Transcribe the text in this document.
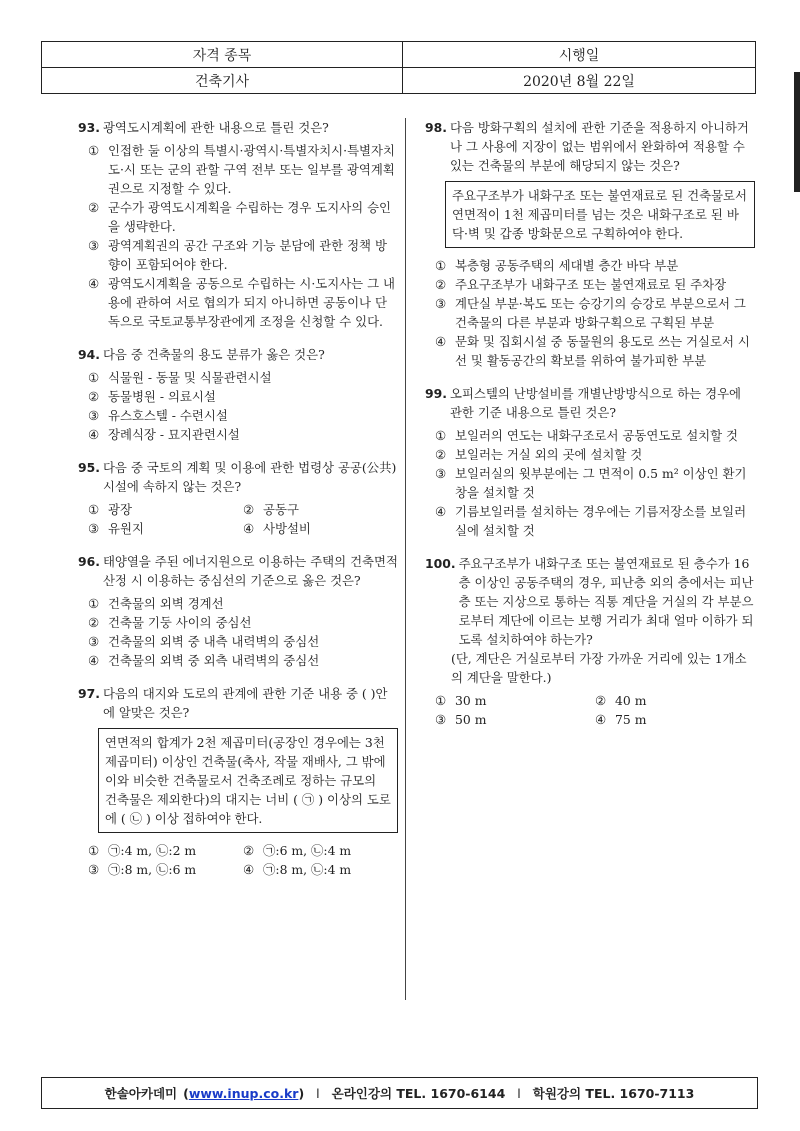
자격 종목	시행일
건축기사	2020년 8월 22일
93. 광역도시계획에 관한 내용으로 틀린 것은?
① 인접한 둘 이상의 특별시·광역시·특별자치시·특별자치도·시 또는 군의 관할 구역 전부 또는 일부를 광역계획권으로 지정할 수 있다.
② 군수가 광역도시계획을 수립하는 경우 도지사의 승인을 생략한다.
③ 광역계획권의 공간 구조와 기능 분담에 관한 정책 방향이 포함되어야 한다.
④ 광역도시계획을 공동으로 수립하는 시·도지사는 그 내용에 관하여 서로 협의가 되지 아니하면 공동이나 단독으로 국토교통부장관에게 조정을 신청할 수 있다.
94. 다음 중 건축물의 용도 분류가 옳은 것은?
① 식물원 - 동물 및 식물관련시설
② 동물병원 - 의료시설
③ 유스호스텔 - 수련시설
④ 장례식장 - 묘지관련시설
95. 다음 중 국토의 계획 및 이용에 관한 법령상 공공(公共)시설에 속하지 않는 것은?
① 광장	② 공동구
③ 유원지	④ 사방설비
96. 태양열을 주된 에너지원으로 이용하는 주택의 건축면적 산정 시 이용하는 중심선의 기준으로 옳은 것은?
① 건축물의 외벽 경계선
② 건축물 기둥 사이의 중심선
③ 건축물의 외벽 중 내측 내력벽의 중심선
④ 건축물의 외벽 중 외측 내력벽의 중심선
97. 다음의 대지와 도로의 관계에 관한 기준 내용 중 ( )안에 알맞은 것은?
연면적의 합계가 2천 제곱미터(공장인 경우에는 3천 제곱미터) 이상인 건축물(축사, 작물 재배사, 그 밖에 이와 비슷한 건축물로서 건축조례로 정하는 규모의 건축물은 제외한다)의 대지는 너비 ( ㉠ ) 이상의 도로에 ( ㉡ ) 이상 접하여야 한다.
① ㉠:4 m, ㉡:2 m	② ㉠:6 m, ㉡:4 m
③ ㉠:8 m, ㉡:6 m	④ ㉠:8 m, ㉡:4 m
98. 다음 방화구획의 설치에 관한 기준을 적용하지 아니하거나 그 사용에 지장이 없는 범위에서 완화하여 적용할 수 있는 건축물의 부분에 해당되지 않는 것은?
주요구조부가 내화구조 또는 불연재료로 된 건축물로서 연면적이 1천 제곱미터를 넘는 것은 내화구조로 된 바닥·벽 및 갑종 방화문으로 구획하여야 한다.
① 복층형 공동주택의 세대별 층간 바닥 부분
② 주요구조부가 내화구조 또는 불연재료로 된 주차장
③ 계단실 부분·복도 또는 승강기의 승강로 부분으로서 그 건축물의 다른 부분과 방화구획으로 구획된 부분
④ 문화 및 집회시설 중 동물원의 용도로 쓰는 거실로서 시선 및 활동공간의 확보를 위하여 불가피한 부분
99. 오피스텔의 난방설비를 개별난방방식으로 하는 경우에 관한 기준 내용으로 틀린 것은?
① 보일러의 연도는 내화구조로서 공동연도로 설치할 것
② 보일러는 거실 외의 곳에 설치할 것
③ 보일러실의 윗부분에는 그 면적이 0.5 m² 이상인 환기창을 설치할 것
④ 기름보일러를 설치하는 경우에는 기름저장소를 보일러실에 설치할 것
100. 주요구조부가 내화구조 또는 불연재료로 된 층수가 16층 이상인 공동주택의 경우, 피난층 외의 층에서는 피난층 또는 지상으로 통하는 직통 계단을 거실의 각 부분으로부터 계단에 이르는 보행 거리가 최대 얼마 이하가 되도록 설치하여야 하는가?
(단, 계단은 거실로부터 가장 가까운 거리에 있는 1개소의 계단을 말한다.)
① 30 m	② 40 m
③ 50 m	④ 75 m
한솔아카데미 (www.inup.co.kr) l 온라인강의 TEL. 1670-6144 l 학원강의 TEL. 1670-7113
